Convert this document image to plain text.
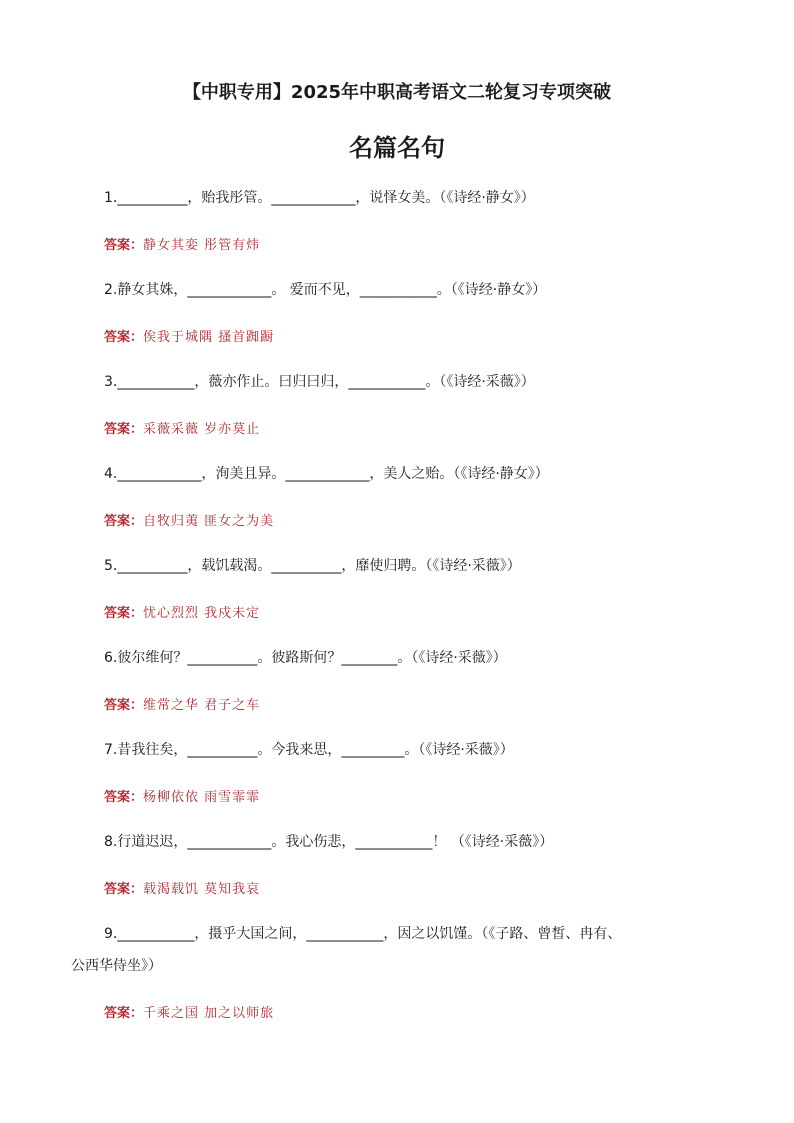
【中职专用】2025年中职高考语文二轮复习专项突破
名篇名句
1.__________，贻我彤管。____________，说怿女美。（《诗经·静女》）
答案：静女其娈 彤管有炜
2.静女其姝，____________。 爱而不见，___________。（《诗经·静女》）
答案：俟我于城隅 搔首踟蹰
3.___________，薇亦作止。曰归曰归，___________。（《诗经·采薇》）
答案：采薇采薇 岁亦莫止
4.____________，洵美且异。____________，美人之贻。（《诗经·静女》）
答案：自牧归荑 匪女之为美
5.__________，载饥载渴。__________，靡使归聘。（《诗经·采薇》）
答案：忧心烈烈 我戍未定
6.彼尔维何？__________。彼路斯何？________。（《诗经·采薇》）
答案：维常之华 君子之车
7.昔我往矣，__________。今我来思，_________。（《诗经·采薇》）
答案：杨柳依依 雨雪霏霏
8.行道迟迟，____________。我心伤悲，___________！ （《诗经·采薇》）
答案：载渴载饥 莫知我哀
9.___________，摄乎大国之间，___________，因之以饥馑。（《子路、曾皙、冉有、
公西华侍坐》）
答案：千乘之国 加之以师旅
